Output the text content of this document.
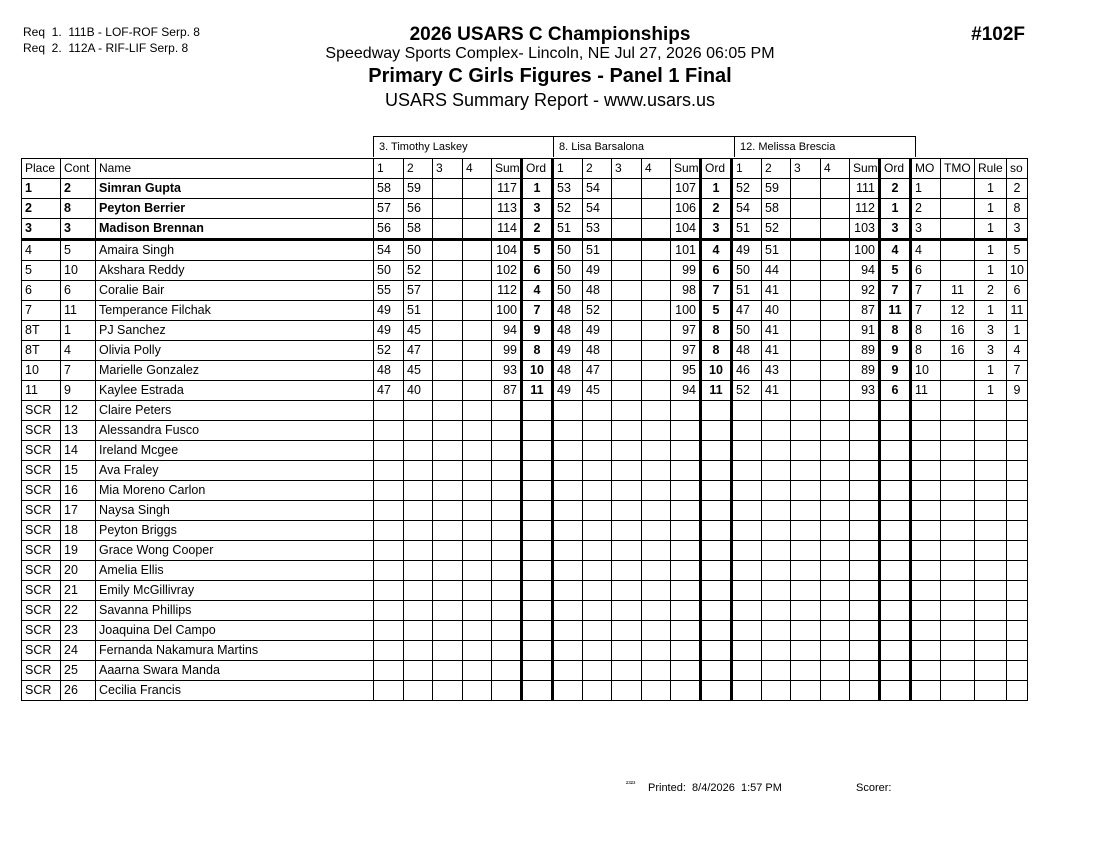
Req  1.  111B - LOF-ROF Serp. 8
Req  2.  112A - RIF-LIF Serp. 8
2026 USARS C Championships
Speedway Sports Complex- Lincoln, NE Jul 27, 2026 06:05 PM
Primary C Girls Figures - Panel 1 Final
USARS Summary Report - www.usars.us
#102F
3. Timothy Laskey	8. Lisa Barsalona	12. Melissa Brescia
Place	Cont	Name	1	2	3	4	Sum	Ord	1	2	3	4	Sum	Ord	1	2	3	4	Sum	Ord	MO	TMO	Rule	so
1	2	Simran Gupta	58	59			117	1	53	54			107	1	52	59			111	2	1		1	2
2	8	Peyton Berrier	57	56			113	3	52	54			106	2	54	58			112	1	2		1	8
3	3	Madison Brennan	56	58			114	2	51	53			104	3	51	52			103	3	3		1	3
4	5	Amaira Singh	54	50			104	5	50	51			101	4	49	51			100	4	4		1	5
5	10	Akshara Reddy	50	52			102	6	50	49			99	6	50	44			94	5	6		1	10
6	6	Coralie Bair	55	57			112	4	50	48			98	7	51	41			92	7	7	11	2	6
7	11	Temperance Filchak	49	51			100	7	48	52			100	5	47	40			87	11	7	12	1	11
8T	1	PJ Sanchez	49	45			94	9	48	49			97	8	50	41			91	8	8	16	3	1
8T	4	Olivia Polly	52	47			99	8	49	48			97	8	48	41			89	9	8	16	3	4
10	7	Marielle Gonzalez	48	45			93	10	48	47			95	10	46	43			89	9	10		1	7
11	9	Kaylee Estrada	47	40			87	11	49	45			94	11	52	41			93	6	11		1	9
SCR	12	Claire Peters																						
SCR	13	Alessandra Fusco																						
SCR	14	Ireland Mcgee																						
SCR	15	Ava Fraley																						
SCR	16	Mia Moreno Carlon																						
SCR	17	Naysa Singh																						
SCR	18	Peyton Briggs																						
SCR	19	Grace Wong Cooper																						
SCR	20	Amelia Ellis																						
SCR	21	Emily McGillivray																						
SCR	22	Savanna Phillips																						
SCR	23	Joaquina Del Campo																						
SCR	24	Fernanda Nakamura Martins																						
SCR	25	Aaarna Swara Manda																						
SCR	26	Cecilia Francis																						
²³²³ Printed:  8/4/2026  1:57 PM	Scorer:
